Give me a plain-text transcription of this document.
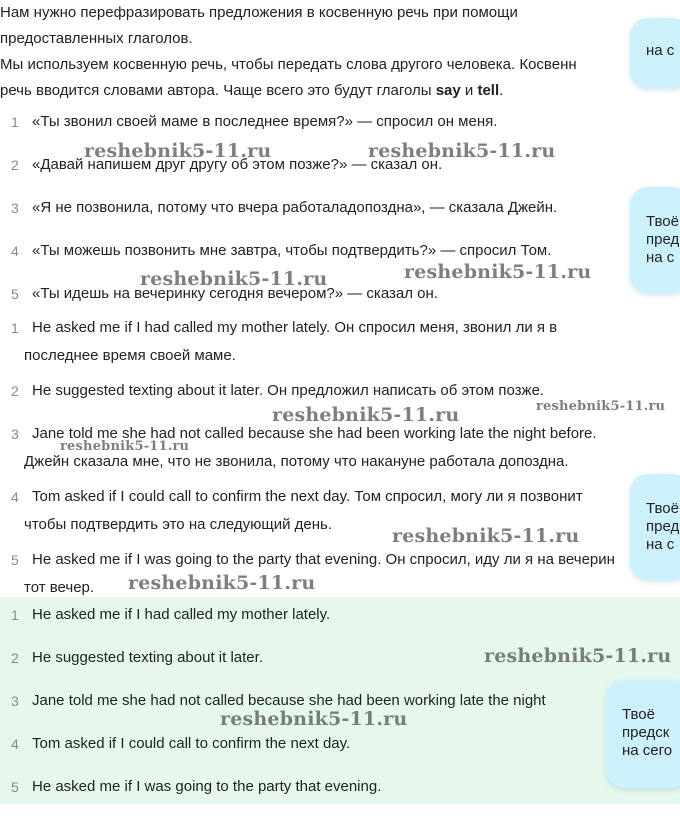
Нам нужно перефразировать предложения в косвенную речь при помощи

предоставленных глаголов.

Мы используем косвенную речь, чтобы передать слова другого человека. Косвенн

речь вводится словами автора. Чаще всего это будут глаголы say и tell.

1 «Ты звонил своей маме в последнее время?» — спросил он меня.
2 «Давай напишем друг другу об этом позже?» — сказал он.
3 «Я не позвонила, потому что вчера работаладопоздна», — сказала Джейн.
4 «Ты можешь позвонить мне завтра, чтобы подтвердить?» — спросил Том.
5 «Ты идешь на вечеринку сегодня вечером?» — сказал он.
1 He asked me if I had called my mother lately. Он спросил меня, звонил ли я в
последнее время своей маме.
2 He suggested texting about it later. Он предложил написать об этом позже.
3 Jane told me she had not called because she had been working late the night before.
Джейн сказала мне, что не звонила, потому что накануне работала допоздна.
4 Tom asked if I could call to confirm the next day. Том спросил, могу ли я позвонит
чтобы подтвердить это на следующий день.
5 He asked me if I was going to the party that evening. Он спросил, иду ли я на вечерин
тот вечер.
1 He asked me if I had called my mother lately.
2 He suggested texting about it later.
3 Jane told me she had not called because she had been working late the night
4 Tom asked if I could call to confirm the next day.
5 He asked me if I was going to the party that evening.
reshebnik5-11.ru	reshebnik5-11.ru
reshebnik5-11.ru	reshebnik5-11.ru
reshebnik5-11.ru	reshebnik5-11.ru
reshebnik5-11.ru
reshebnik5-11.ru
reshebnik5-11.ru
reshebnik5-11.ru
reshebnik5-11.ru
на с
Твоё
пред
на с
Твоё
пред
на с
Твоё
предск
на сего
